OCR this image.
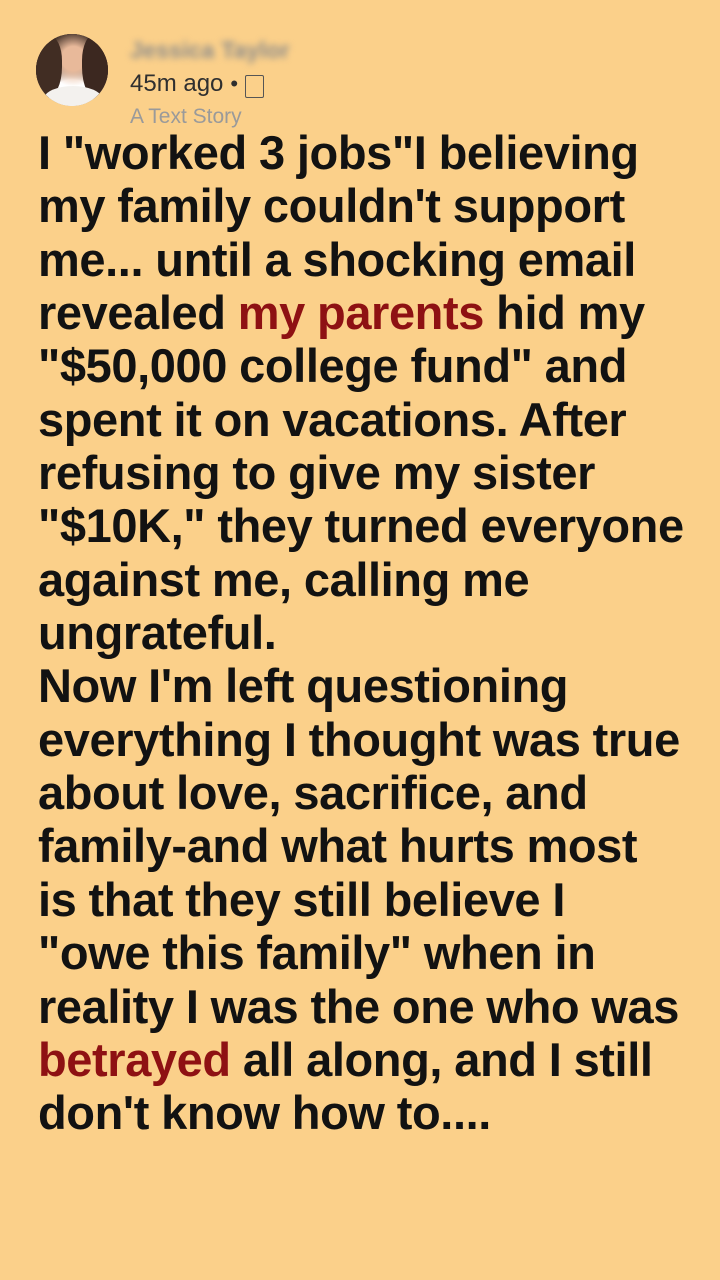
Jessica Taylor
45m ago •
A Text Story
I "worked 3 jobs"I believing my family couldn't support me... until a shocking email revealed my parents hid my "$50,000 college fund" and spent it on vacations. After refusing to give my sister "$10K," they turned everyone against me, calling me ungrateful.
Now I'm left questioning everything I thought was true about love, sacrifice, and family-and what hurts most is that they still believe I "owe this family" when in reality I was the one who was betrayed all along, and I still don't know how to....
